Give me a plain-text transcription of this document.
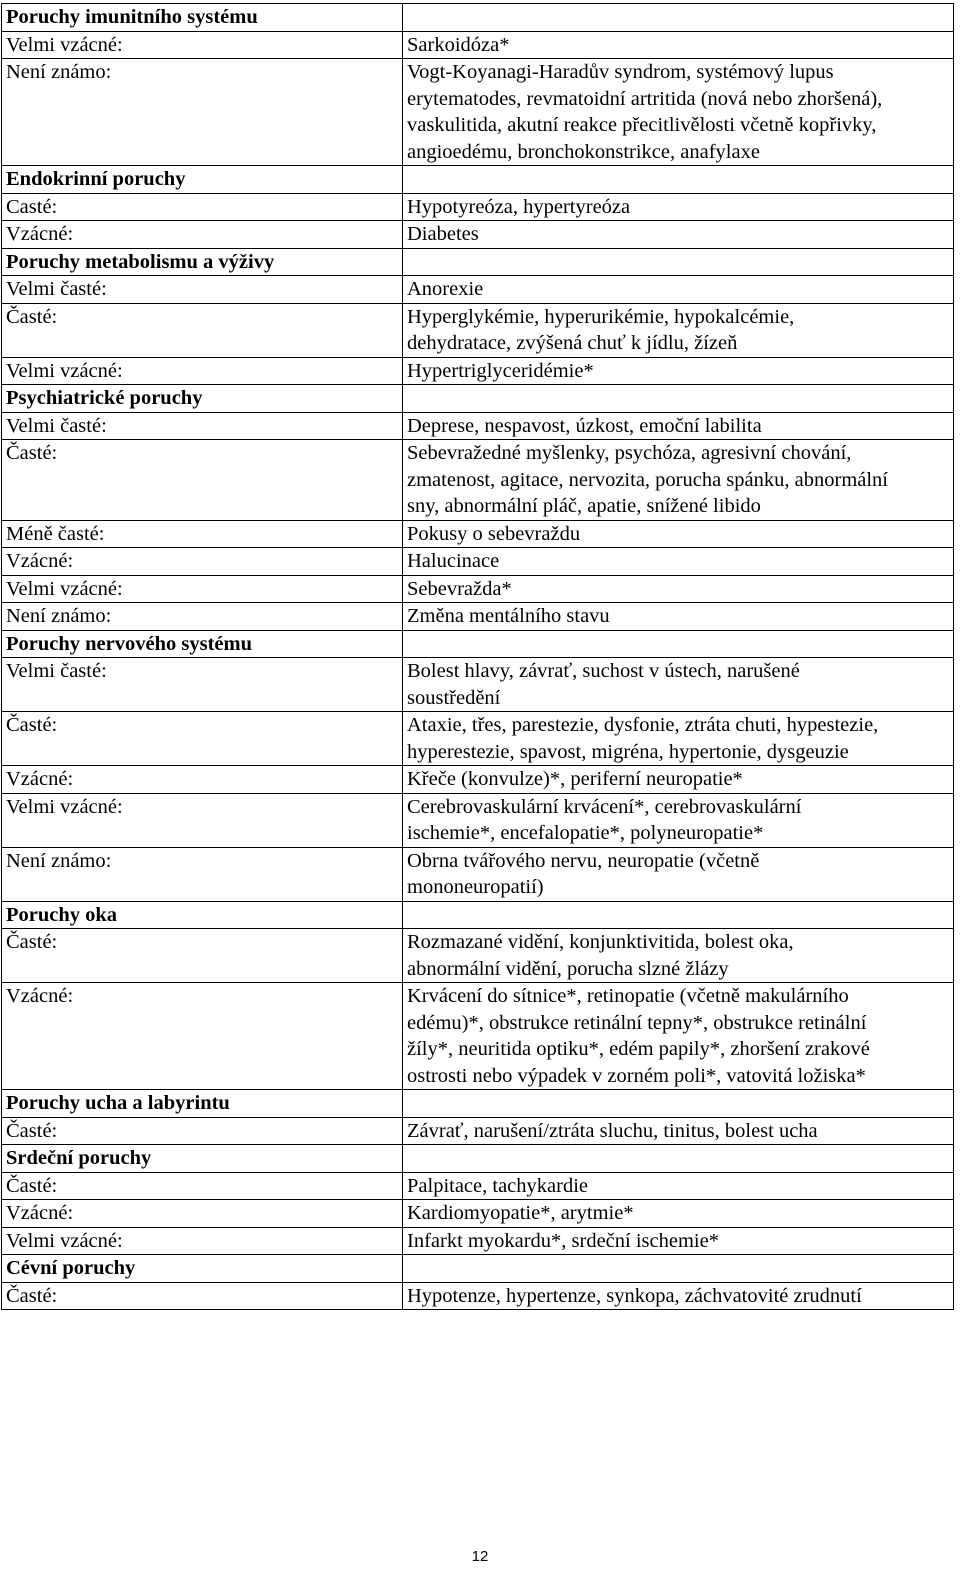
Poruchy imunitního systému	
Velmi vzácné:	Sarkoidóza*

Není známo:	Vogt-Koyanagi-Haradův syndrom, systémový lupus
erytematodes, revmatoidní artritida (nová nebo zhoršená),
vaskulitida, akutní reakce přecitlivělosti včetně kopřivky,
angioedému, bronchokonstrikce, anafylaxe

Endokrinní poruchy	
Casté:	Hypotyreóza, hypertyreóza

Vzácné:	Diabetes

Poruchy metabolismu a výživy	
Velmi časté:	Anorexie

Časté:	Hyperglykémie, hyperurikémie, hypokalcémie,
dehydratace, zvýšená chuť k jídlu, žízeň

Velmi vzácné:	Hypertriglyceridémie*

Psychiatrické poruchy	
Velmi časté:	Deprese, nespavost, úzkost, emoční labilita

Časté:	Sebevražedné myšlenky, psychóza, agresivní chování,
zmatenost, agitace, nervozita, porucha spánku, abnormální
sny, abnormální pláč, apatie, snížené libido

Méně časté:	Pokusy o sebevraždu

Vzácné:	Halucinace

Velmi vzácné:	Sebevražda*

Není známo:	Změna mentálního stavu

Poruchy nervového systému	
Velmi časté:	Bolest hlavy, závrať, suchost v ústech, narušené
soustředění

Časté:	Ataxie, třes, parestezie, dysfonie, ztráta chuti, hypestezie,
hyperestezie, spavost, migréna, hypertonie, dysgeuzie

Vzácné:	Křeče (konvulze)*, periferní neuropatie*

Velmi vzácné:	Cerebrovaskulární krvácení*, cerebrovaskulární
ischemie*, encefalopatie*, polyneuropatie*

Není známo:	Obrna tvářového nervu, neuropatie (včetně
mononeuropatií)

Poruchy oka	
Časté:	Rozmazané vidění, konjunktivitida, bolest oka,
abnormální vidění, porucha slzné žlázy

Vzácné:	Krvácení do sítnice*, retinopatie (včetně makulárního
edému)*, obstrukce retinální tepny*, obstrukce retinální
žíly*, neuritida optiku*, edém papily*, zhoršení zrakové
ostrosti nebo výpadek v zorném poli*, vatovitá ložiska*

Poruchy ucha a labyrintu	
Časté:	Závrať, narušení/ztráta sluchu, tinitus, bolest ucha

Srdeční poruchy	
Časté:	Palpitace, tachykardie

Vzácné:	Kardiomyopatie*, arytmie*

Velmi vzácné:	Infarkt myokardu*, srdeční ischemie*

Cévní poruchy	
Časté:	Hypotenze, hypertenze, synkopa, záchvatovité zrudnutí
12
